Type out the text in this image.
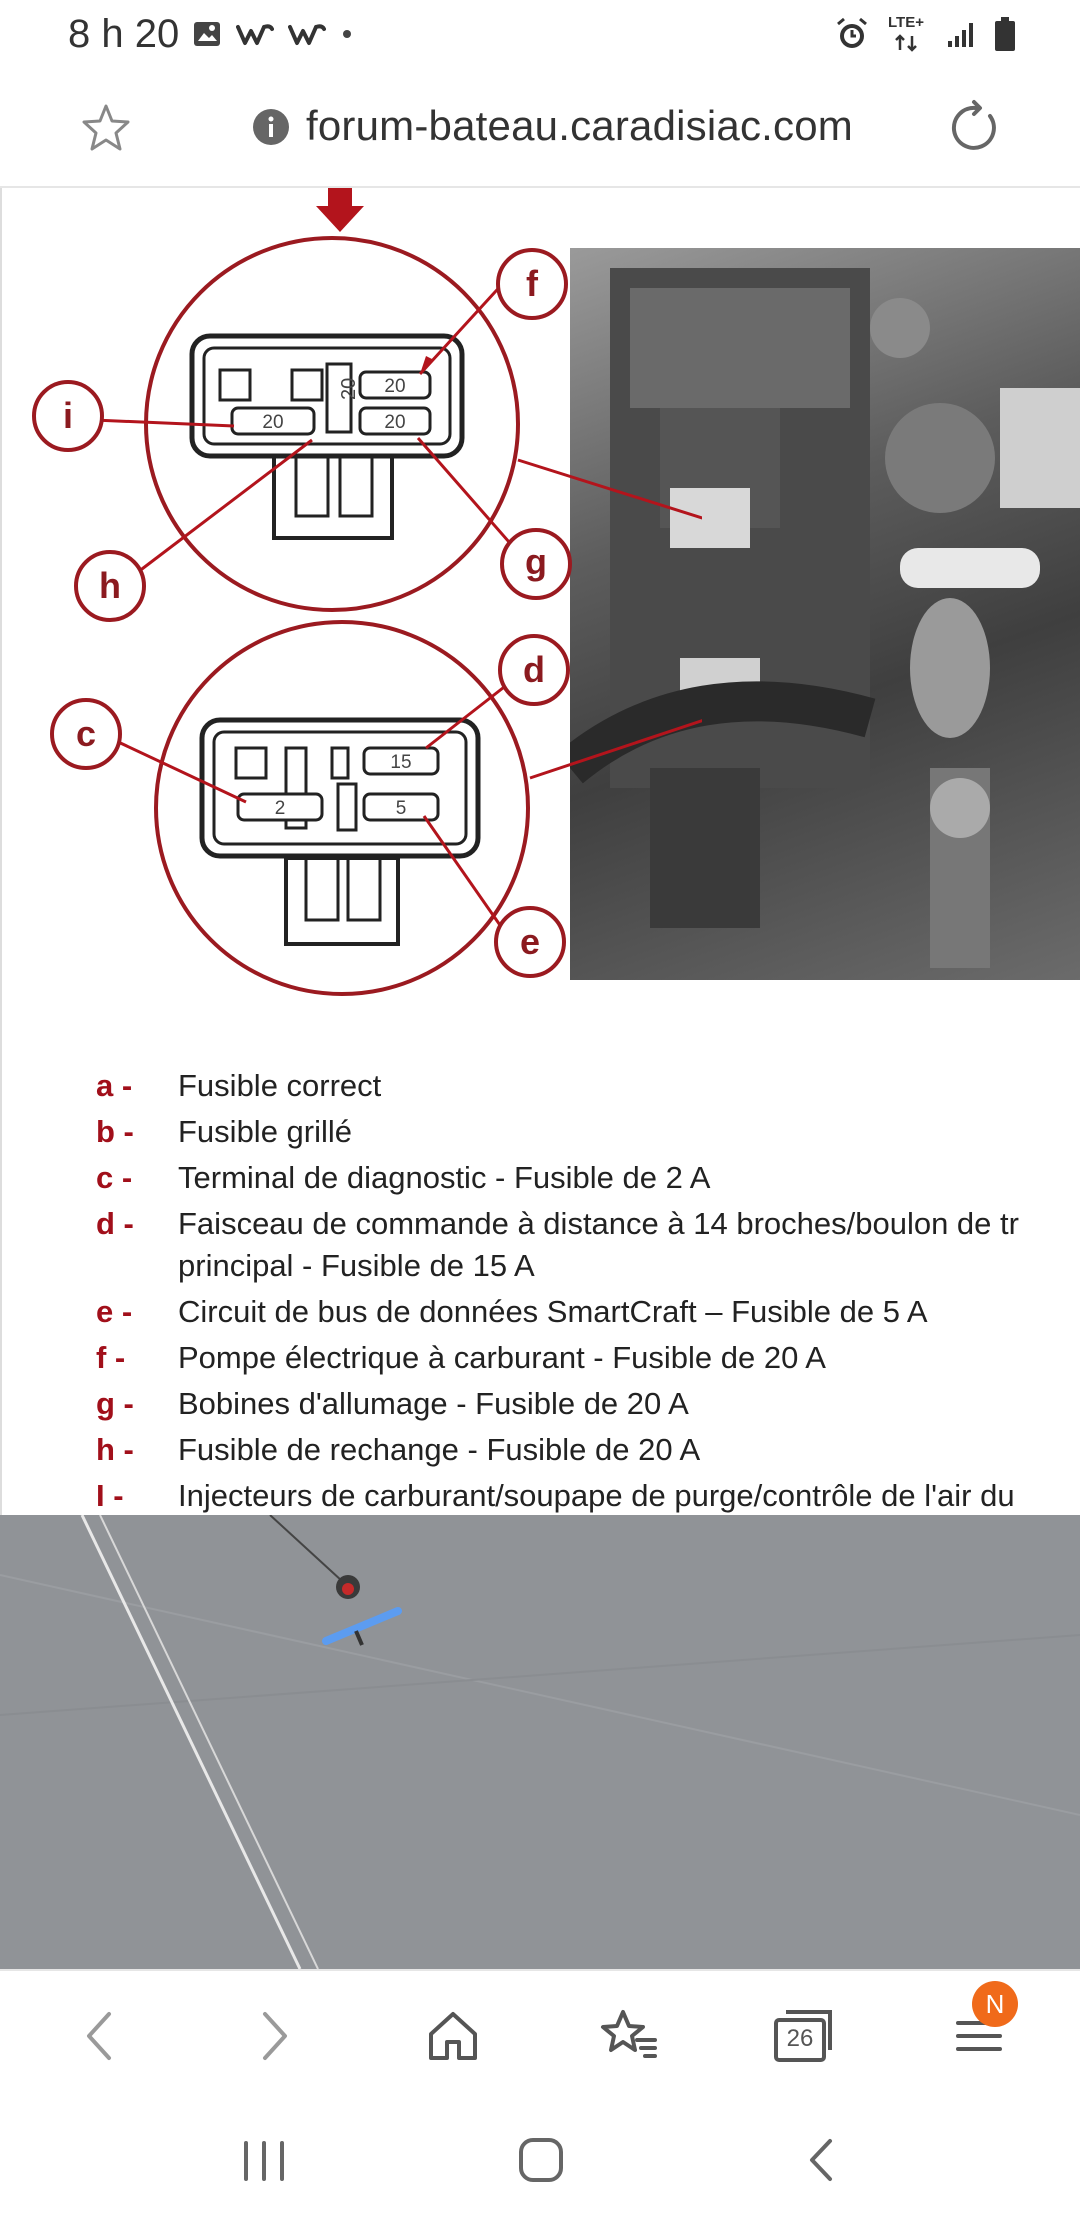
8 h 20	LTE+
forum-bateau.caradisiac.com
20 20
20	20
15
2	5
f
i
h
g
d
c
e
a - Fusible correct
b - Fusible grillé
c - Terminal de diagnostic - Fusible de 2 A
d - Faisceau de commande à distance à 14 broches/boulon de tr
principal - Fusible de 15 A
e - Circuit de bus de données SmartCraft – Fusible de 5 A
f - Pompe électrique à carburant - Fusible de 20 A
g - Bobines d'allumage - Fusible de 20 A
h - Fusible de rechange - Fusible de 20 A
I - Injecteurs de carburant/soupape de purge/contrôle de l'air du
26
N
